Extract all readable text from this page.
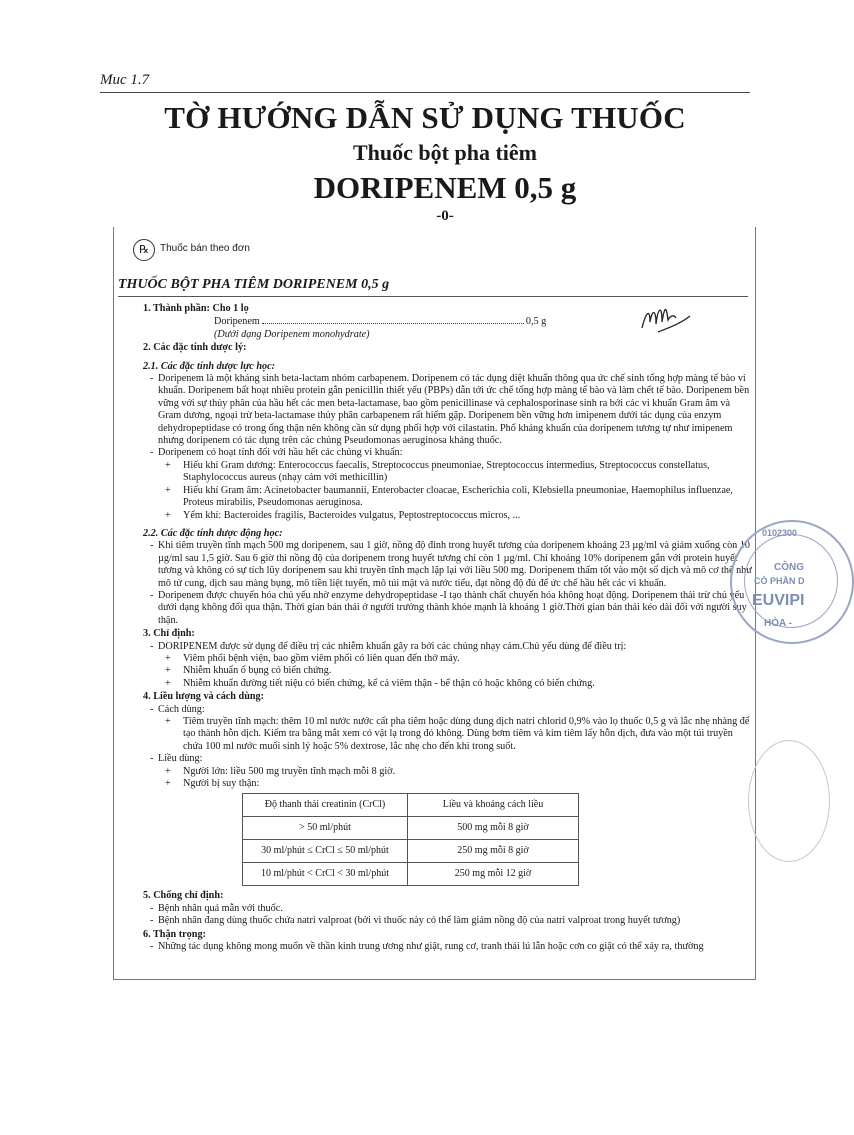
Muc 1.7
TỜ HƯỚNG DẪN SỬ DỤNG THUỐC
Thuốc bột pha tiêm
DORIPENEM 0,5 g
-0-
℞	Thuốc bán theo đơn
THUỐC BỘT PHA TIÊM DORIPENEM 0,5 g

1. Thành phần: Cho 1 lọ

Doripenem	0,5 g

(Dưới dạng Doripenem monohydrate)

2. Các đặc tính dược lý:

2.1. Các đặc tính dược lực học:

- Doripenem là một kháng sinh beta-lactam nhóm carbapenem. Doripenem có tác dụng diệt khuẩn thông qua ức chế sinh tổng hợp màng tế bào vi khuẩn. Doripenem bất hoạt nhiều protein gắn penicillin thiết yếu (PBPs) dẫn tới ức chế tổng hợp màng tế bào và làm chết tế bào. Doripenem bền vững với sự thủy phân của hầu hết các men beta-lactamase, bao gồm penicillinase và cephalosporinase sinh ra bởi các vi khuẩn Gram âm và Gram dương, ngoại trừ beta-lactamase thủy phân carbapenem rất hiếm gặp. Doripenem bền vững hơn imipenem dưới tác dụng của enzym dehydropeptidase có trong ống thận nên không cần sử dụng phối hợp với cilastatin. Phổ kháng khuẩn của doripenem tương tự như imipenem nhưng doripenem có tác dụng trên các chủng Pseudomonas aeruginosa kháng thuốc.

- Doripenem có hoạt tính đối với hầu hết các chủng vi khuẩn:

+ Hiếu khí Gram dương: Enterococcus faecalis, Streptococcus pneumoniae, Streptococcus intermedius, Streptococcus constellatus, Staphylococcus aureus (nhạy cảm với methicillin)

+ Hiếu khí Gram âm: Acinetobacter baumannii, Enterobacter cloacae, Escherichia coli, Klebsiella pneumoniae, Haemophilus influenzae, Proteus mirabilis, Pseudomonas aeruginosa.

+ Yếm khí: Bacteroides fragilis, Bacteroides vulgatus, Peptostreptococcus micros, ...

2.2. Các đặc tính dược động học:

- Khi tiêm truyền tĩnh mạch 500 mg doripenem, sau 1 giờ, nồng độ đỉnh trong huyết tương của doripenem khoảng 23 µg/ml và giảm xuống còn 10 µg/ml sau 1,5 giờ. Sau 6 giờ thì nồng độ của doripenem trong huyết tương chỉ còn 1 µg/ml. Chỉ khoảng 10% doripenem gắn với protein huyết tương và không có sự tích lũy doripenem sau khi truyền tĩnh mạch lặp lại với liều 500 mg. Doripenem thấm tốt vào một số dịch và mô cơ thể như mô tử cung, dịch sau màng bụng, mô tiền liệt tuyến, mô túi mật và nước tiểu, đạt nồng độ đủ để ức chế hầu hết các vi khuẩn.

- Doripenem được chuyển hóa chủ yếu nhờ enzyme dehydropeptidase -I tạo thành chất chuyển hóa không hoạt động. Doripenem thải trừ chủ yếu dưới dạng không đổi qua thận. Thời gian bán thải ở người trưởng thành khỏe mạnh là khoảng 1 giờ.Thời gian bán thải kéo dài đối với người suy thận.

3. Chỉ định:

- DORIPENEM được sử dụng để điều trị các nhiễm khuẩn gây ra bởi các chủng nhạy cảm.Chủ yếu dùng để điều trị:

+ Viêm phổi bệnh viện, bao gồm viêm phổi có liên quan đến thở máy.

+ Nhiễm khuẩn ổ bụng có biến chứng.

+ Nhiễm khuẩn đường tiết niệu có biến chứng, kể cả viêm thận - bể thận có hoặc không có biến chứng.

4. Liều lượng và cách dùng:

- Cách dùng:

+ Tiêm truyền tĩnh mạch: thêm 10 ml nước nước cất pha tiêm hoặc dùng dung dịch natri chlorid 0,9% vào lọ thuốc 0,5 g và lắc nhẹ nhàng để tạo thành hỗn dịch. Kiểm tra bằng mắt xem có vật lạ trong đó không. Dùng bơm tiêm và kim tiêm lấy hỗn dịch, đưa vào một túi truyền chứa 100 ml nước muối sinh lý hoặc 5% dextrose, lắc nhẹ cho đến khi trong suốt.

- Liều dùng:

+ Người lớn: liều 500 mg truyền tĩnh mạch mỗi 8 giờ.

+ Người bị suy thận:

Độ thanh thải creatinin (CrCl)	Liều và khoảng cách liều
> 50 ml/phút	500 mg mỗi 8 giờ
30 ml/phút ≤ CrCl ≤ 50 ml/phút	250 mg mỗi 8 giờ
10 ml/phút < CrCl < 30 ml/phút	250 mg mỗi 12 giờ

5. Chống chỉ định:

- Bệnh nhân quá mẫn với thuốc.

- Bệnh nhân đang dùng thuốc chứa natri valproat (bởi vì thuốc này có thể làm giảm nồng độ của natri valproat trong huyết tương)

6. Thận trọng:

- Những tác dụng không mong muốn về thần kinh trung ương như giật, rung cơ, tranh thái lú lẫn hoặc cơn co giật có thể xảy ra, thường

0102300
CÔNG
CỔ PHẦN D
EUVIPI
HÒA -
